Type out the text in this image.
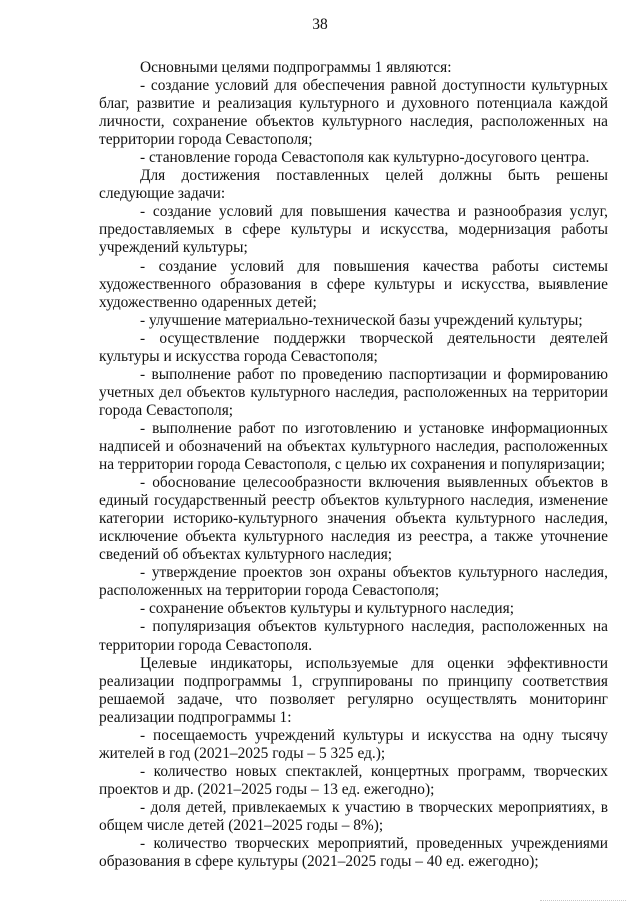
38

Основными целями подпрограммы 1 являются:

- создание условий для обеспечения равной доступности культурных благ, развитие и реализация культурного и духовного потенциала каждой личности, сохранение объектов культурного наследия, расположенных на территории города Севастополя;

- становление города Севастополя как культурно-досугового центра.

Для достижения поставленных целей должны быть решены следующие задачи:

- создание условий для повышения качества и разнообразия услуг, предоставляемых в сфере культуры и искусства, модернизация работы учреждений культуры;

- создание условий для повышения качества работы системы художественного образования в сфере культуры и искусства, выявление художественно одаренных детей;

- улучшение материально-технической базы учреждений культуры;

- осуществление поддержки творческой деятельности деятелей культуры и искусства города Севастополя;

- выполнение работ по проведению паспортизации и формированию учетных дел объектов культурного наследия, расположенных на территории города Севастополя;

- выполнение работ по изготовлению и установке информационных надписей и обозначений на объектах культурного наследия, расположенных на территории города Севастополя, с целью их сохранения и популяризации;

- обоснование целесообразности включения выявленных объектов в единый государственный реестр объектов культурного наследия, изменение категории историко-культурного значения объекта культурного наследия, исключение объекта культурного наследия из реестра, а также уточнение сведений об объектах культурного наследия;

- утверждение проектов зон охраны объектов культурного наследия, расположенных на территории города Севастополя;

- сохранение объектов культуры и культурного наследия;

- популяризация объектов культурного наследия, расположенных на территории города Севастополя.

Целевые индикаторы, используемые для оценки эффективности реализации подпрограммы 1, сгруппированы по принципу соответствия решаемой задаче, что позволяет регулярно осуществлять мониторинг реализации подпрограммы 1:

- посещаемость учреждений культуры и искусства на одну тысячу жителей в год (2021–2025 годы – 5 325 ед.);

- количество новых спектаклей, концертных программ, творческих проектов и др. (2021–2025 годы – 13 ед. ежегодно);

- доля детей, привлекаемых к участию в творческих мероприятиях, в общем числе детей (2021–2025 годы – 8%);

- количество творческих мероприятий, проведенных учреждениями образования в сфере культуры (2021–2025 годы – 40 ед. ежегодно);
